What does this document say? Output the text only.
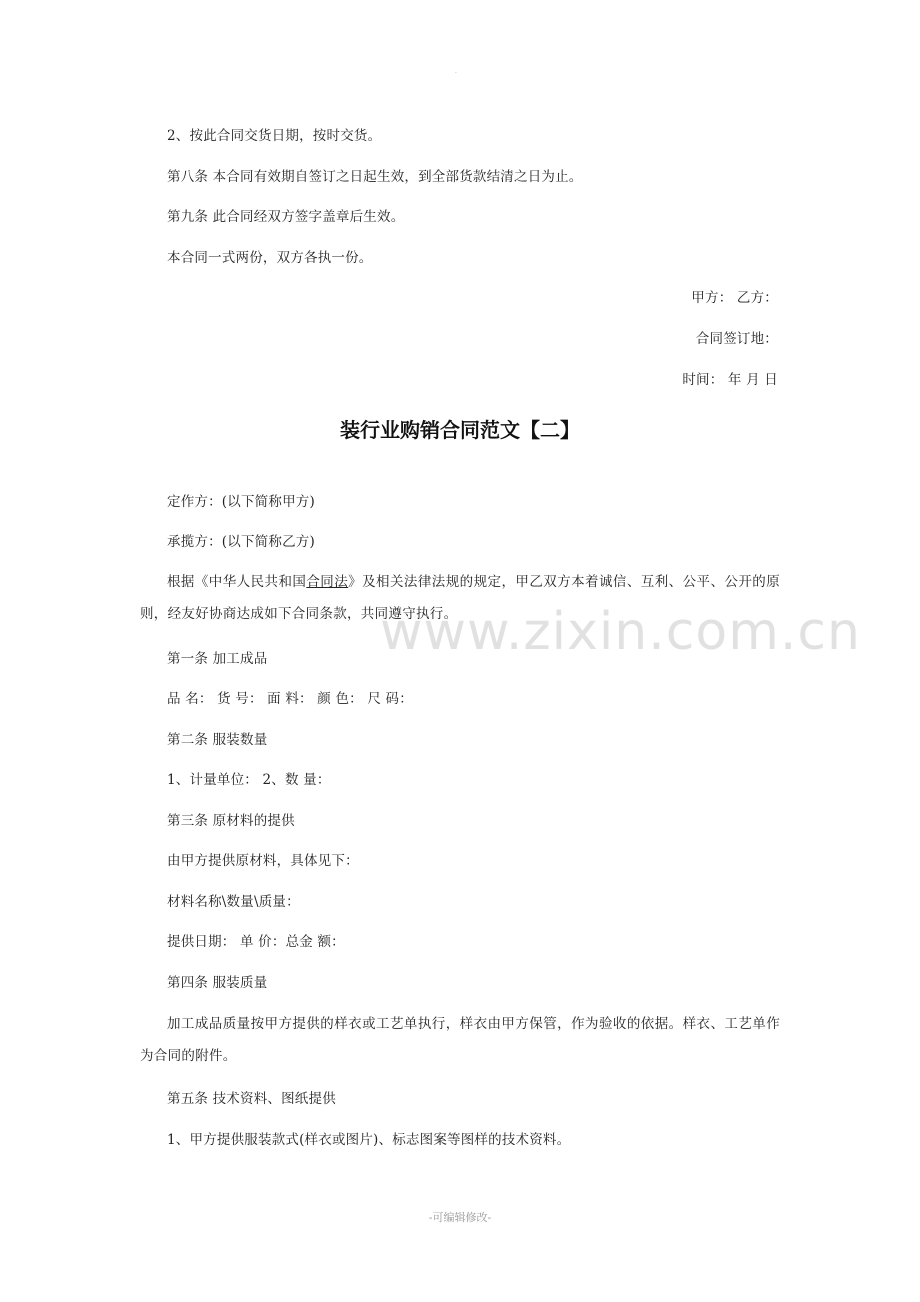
·
2、按此合同交货日期，按时交货。
第八条 本合同有效期自签订之日起生效，到全部货款结清之日为止。
第九条 此合同经双方签字盖章后生效。
本合同一式两份，双方各执一份。
甲方： 乙方：
合同签订地：
时间： 年 月 日
装行业购销合同范文【二】
定作方：(以下简称甲方)
承揽方：(以下简称乙方)
根据《中华人民共和国合同法》及相关法律法规的规定，甲乙双方本着诚信、互利、公平、公开的原则，经友好协商达成如下合同条款，共同遵守执行。
第一条 加工成品
品 名： 货 号： 面 料： 颜 色： 尺 码：
第二条 服装数量
1、计量单位： 2、数 量：
第三条 原材料的提供
由甲方提供原材料，具体见下：
材料名称\数量\质量：
提供日期： 单 价：总金 额：
第四条 服装质量
加工成品质量按甲方提供的样衣或工艺单执行，样衣由甲方保管，作为验收的依据。样衣、工艺单作为合同的附件。
第五条 技术资料、图纸提供
1、甲方提供服装款式(样衣或图片)、标志图案等图样的技术资料。
www.zixin.com.cn
-可编辑修改-
